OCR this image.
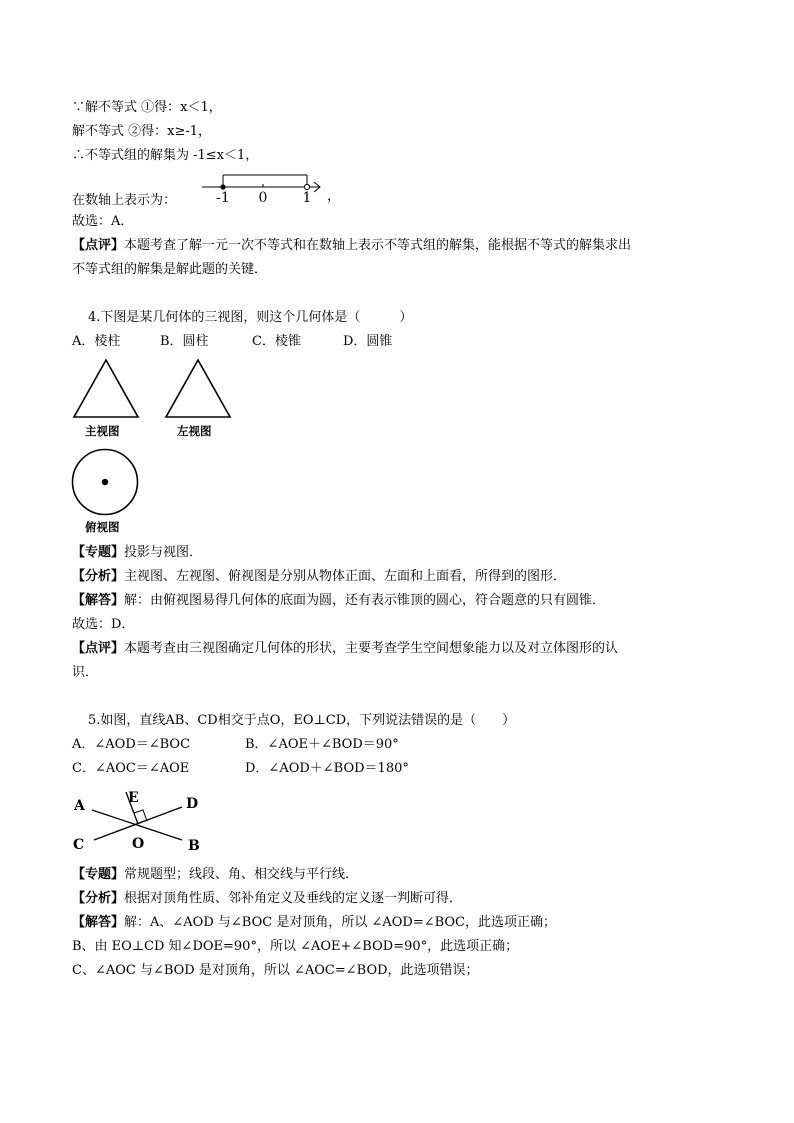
∵解不等式 ①得：x＜1，
解不等式 ②得：x≥-1，
∴不等式组的解集为 -1≤x＜1，
在数轴上表示为：	-1 0	1 ，
故选：A．
【点评】本题考查了解一元一次不等式和在数轴上表示不等式组的解集，能根据不等式的解集求出
不等式组的解集是解此题的关键．
4.下图是某几何体的三视图，则这个几何体是（　　　）
A．棱柱	B．圆柱	C．棱锥	D．圆锥
主视图	左视图
俯视图
【专题】投影与视图．
【分析】主视图、左视图、俯视图是分别从物体正面、左面和上面看，所得到的图形．
【解答】解：由俯视图易得几何体的底面为圆，还有表示锥顶的圆心，符合题意的只有圆锥．
故选：D．
【点评】本题考查由三视图确定几何体的形状，主要考查学生空间想象能力以及对立体图形的认
识．
5.如图，直线AB、CD相交于点O，EO⊥CD，下列说法错误的是（　　）
A．∠AOD＝∠BOC	B．∠AOE＋∠BOD＝90°
C．∠AOC＝∠AOE	D．∠AOD＋∠BOD＝180°
A	D
E
C	O	B
【专题】常规题型；线段、角、相交线与平行线．
【分析】根据对顶角性质、邻补角定义及垂线的定义逐一判断可得．
【解答】解：A、∠AOD 与∠BOC 是对顶角，所以 ∠AOD=∠BOC，此选项正确；
B、由 EO⊥CD 知∠DOE=90°，所以 ∠AOE+∠BOD=90°，此选项正确；
C、∠AOC 与∠BOD 是对顶角，所以 ∠AOC=∠BOD，此选项错误；
